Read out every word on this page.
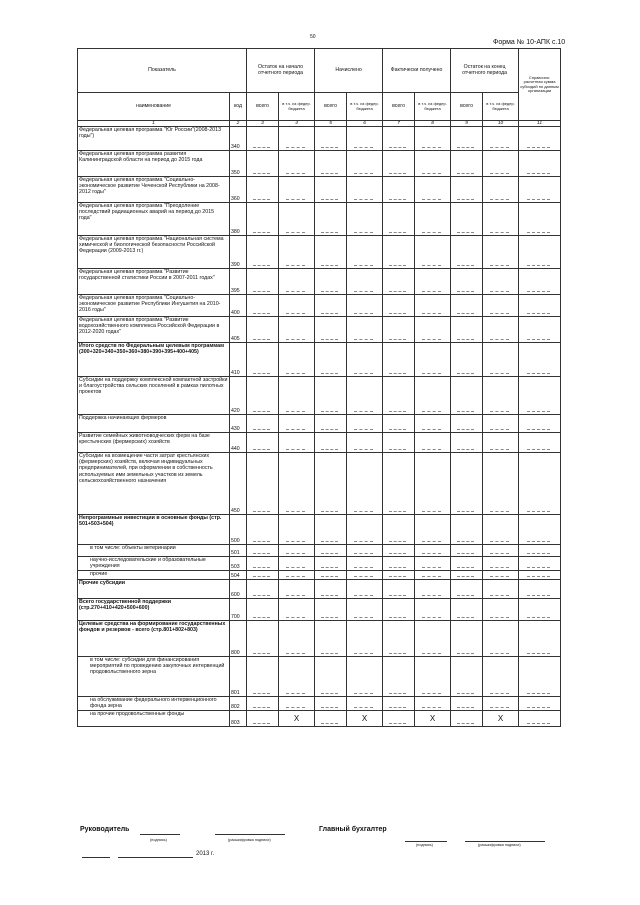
50
Форма № 10-АПК с.10
Показатель		Остаток на начало отчетного периода		Начислено		Фактически получено		Остаток на конец отчетного периода		Справочно: расчетная сумма субсидий по данным организации
наименование	код	всего	в т.ч. из федер. бюджета	всего	в т.ч. из федер. бюджета	всего	в т.ч. из федер. бюджета	всего	в т.ч. из федер. бюджета	
1	2	3	4	5	6	7	8	9	10	11
Федеральная целевая программа "Юг России"(2008-2013 годы")	340	

Федеральная целевая программа развития Калининградской области на период до 2015 года	350	

Федеральная целевая программа "Социально-экономическое развитие Чеченской Республики на 2008-2012 годы"	360	

Федеральная целевая программа "Преодоление последствий радиационных аварий на период до 2015 года"	380	

Федеральная целевая программа "Национальная система химической и биологической безопасности Российской Федерации (2009-2013 гг.)	390	

Федеральная целевая программа "Развитие государственной статистики России в 2007-2011 годах"	395	

Федеральная целевая программа "Социально-экономическое развитие Республики Ингушетия на 2010-2016 годы"	400	

Федеральная целевая программа "Развитие водохозяйственного комплекса Российской Федерации в 2012-2020 годах"	405	

Итого средств по Федеральным целевым программам (300+320+340+350+360+380+390+395+400+405)	410	

Субсидии на поддержку комплексной компактной застройки и благоустройства сельских поселений в рамках пилотных проектов	420	

Поддержка начинающих фермеров	430	

Развитие семейных животноводческих ферм на базе крестьянских (фермерских) хозяйств	440	

Субсидии на возмещение части затрат крестьянских (фермерских) хозяйств, включая индивидуальных предпринимателей, при оформлении в собственность используемых ими земельных участков из земель сельскохозяйственного назначения	450	

Непрограммные инвестиции в основные фонды (стр. 501+503+504)	500	

в том числе: объекты ветеринарии	501	

научно-исследовательские и образовательные учреждения	503	

прочие	504	

Прочие субсидии	600	

Всего государственной поддержки (стр.270+410+420+500+600)	700	

Целевые средства на формирование государственных фондов и резервов - всего (стр.801+802+803)	800	

в том числе: субсидии для финансирования мероприятий по проведению закупочных интервенций продовольственного зерна	801	

на обслуживание федерального интервенционного фонда зерна	802	

на прочие продовольственные фонды	803		X		X		X		X	
Руководитель
(подпись)	(расшифровка подписи)
Главный бухгалтер
(подпись)	(расшифровка подписи)
2013 г.
